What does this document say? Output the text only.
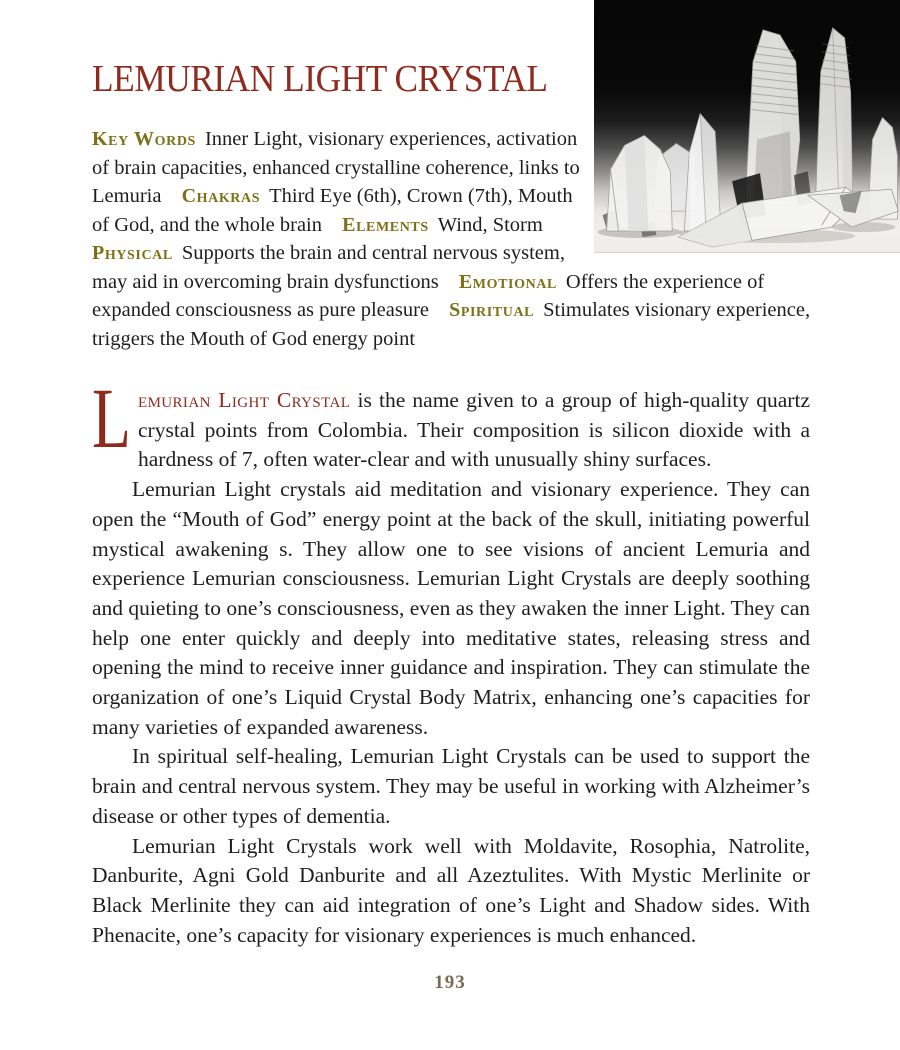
LEMURIAN LIGHT CRYSTAL

Key Words Inner Light, visionary experiences, activation of brain capacities, enhanced crystalline coherence, links to Lemuria Chakras Third Eye (6th), Crown (7th), Mouth of God, and the whole brain Elements Wind, Storm Physical Supports the brain and central nervous system, may aid in overcoming brain dysfunctions Emotional Offers the experience of expanded consciousness as pure pleasure Spiritual Stimulates visionary experience, triggers the Mouth of God energy point

Lemurian Light Crystal is the name given to a group of high-quality quartz crystal points from Colombia. Their composition is silicon dioxide with a hardness of 7, often water-clear and with unusually shiny surfaces.

Lemurian Light crystals aid meditation and visionary experience. They can open the “Mouth of God” energy point at the back of the skull, initiating powerful mystical awakening s. They allow one to see visions of ancient Lemuria and experience Lemurian consciousness. Lemurian Light Crystals are deeply soothing and quieting to one’s consciousness, even as they awaken the inner Light. They can help one enter quickly and deeply into meditative states, releasing stress and opening the mind to receive inner guidance and inspiration. They can stimulate the organization of one’s Liquid Crystal Body Matrix, enhancing one’s capacities for many varieties of expanded awareness.

In spiritual self-healing, Lemurian Light Crystals can be used to support the brain and central nervous system. They may be useful in working with Alzheimer’s disease or other types of dementia.

Lemurian Light Crystals work well with Moldavite, Rosophia, Natrolite, Danburite, Agni Gold Danburite and all Azeztulites. With Mystic Merlinite or Black Merlinite they can aid integration of one’s Light and Shadow sides. With Phenacite, one’s capacity for visionary experiences is much enhanced.

193
